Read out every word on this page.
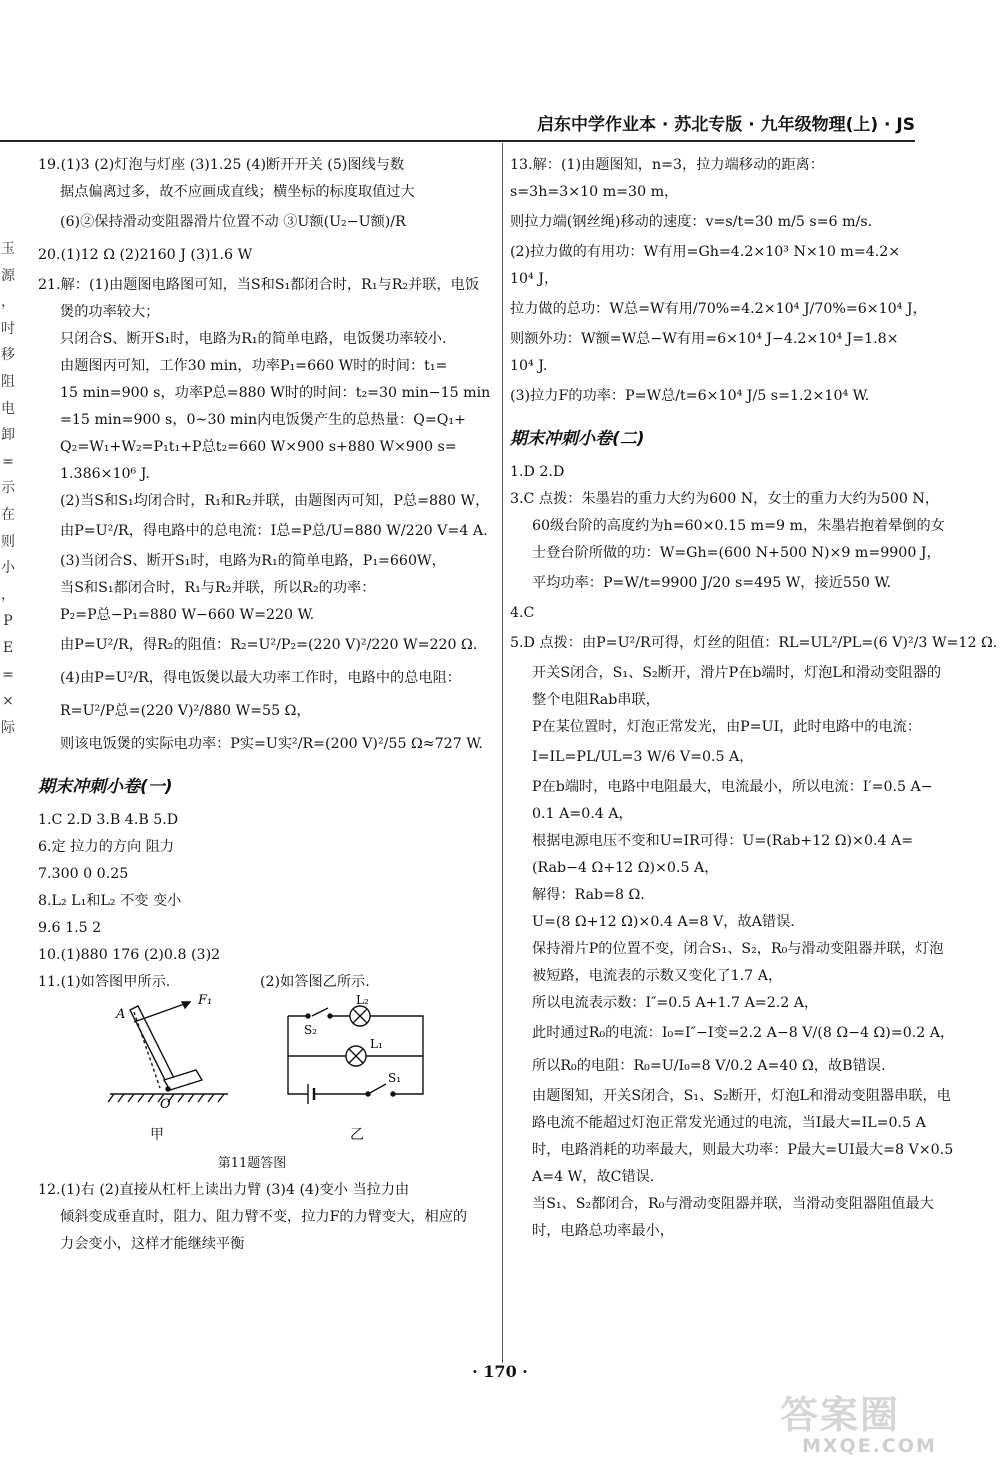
启东中学作业本 · 苏北专版 · 九年级物理(上) · JS
玉
源
，
吋
移
阻
电
卸
=
示
在
则
小
，
P
E
=
×
际
19.(1)3 (2)灯泡与灯座 (3)1.25 (4)断开开关 (5)图线与数
据点偏离过多，故不应画成直线；横坐标的标度取值过大
(6)②保持滑动变阻器滑片位置不动 ③U额(U₂−U额)/R
20.(1)12 Ω (2)2160 J (3)1.6 W
21.解：(1)由题图电路图可知，当S和S₁都闭合时，R₁与R₂并联，电饭
煲的功率较大；
只闭合S、断开S₁时，电路为R₁的简单电路，电饭煲功率较小.
由题图丙可知，工作30 min，功率P₁=660 W时的时间：t₁=
15 min=900 s，功率P总=880 W时的时间：t₂=30 min−15 min
=15 min=900 s，0~30 min内电饭煲产生的总热量：Q=Q₁+
Q₂=W₁+W₂=P₁t₁+P总t₂=660 W×900 s+880 W×900 s=
1.386×10⁶ J.
(2)当S和S₁均闭合时，R₁和R₂并联，由题图丙可知，P总=880 W，
由P=U²/R，得电路中的总电流：I总=P总/U=880 W/220 V=4 A.
(3)当闭合S、断开S₁时，电路为R₁的简单电路，P₁=660W，
当S和S₁都闭合时，R₁与R₂并联，所以R₂的功率：
P₂=P总−P₁=880 W−660 W=220 W.
由P=U²/R，得R₂的阻值：R₂=U²/P₂=(220 V)²/220 W=220 Ω.
(4)由P=U²/R，得电饭煲以最大功率工作时，电路中的总电阻：
R=U²/P总=(220 V)²/880 W=55 Ω，
则该电饭煲的实际电功率：P实=U实²/R=(200 V)²/55 Ω≈727 W.
期末冲刺小卷(一)
1.C 2.D 3.B 4.B 5.D
6.定 拉力的方向 阻力
7.300 0 0.25
8.L₂ L₁和L₂ 不变 变小
9.6 1.5 2
10.(1)880 176 (2)0.8 (3)2
11.(1)如答图甲所示.	(2)如答图乙所示.
F₁
A
O
S₂
L₂
L₁
S₁
甲	乙
第11题答图
12.(1)右 (2)直接从杠杆上读出力臂 (3)4 (4)变小 当拉力由
倾斜变成垂直时，阻力、阻力臂不变，拉力F的力臂变大，相应的
力会变小，这样才能继续平衡
13.解：(1)由题图知，n=3，拉力端移动的距离：
s=3h=3×10 m=30 m，
则拉力端(钢丝绳)移动的速度：v=s/t=30 m/5 s=6 m/s.
(2)拉力做的有用功：W有用=Gh=4.2×10³ N×10 m=4.2×
10⁴ J，
拉力做的总功：W总=W有用/70%=4.2×10⁴ J/70%=6×10⁴ J，
则额外功：W额=W总−W有用=6×10⁴ J−4.2×10⁴ J=1.8×
10⁴ J.
(3)拉力F的功率：P=W总/t=6×10⁴ J/5 s=1.2×10⁴ W.
期末冲刺小卷(二)
1.D 2.D
3.C 点拨：朱墨岩的重力大约为600 N，女士的重力大约为500 N，
60级台阶的高度约为h=60×0.15 m=9 m，朱墨岩抱着晕倒的女
士登台阶所做的功：W=Gh=(600 N+500 N)×9 m=9900 J，
平均功率：P=W/t=9900 J/20 s=495 W，接近550 W.
4.C
5.D 点拨：由P=U²/R可得，灯丝的阻值：RL=UL²/PL=(6 V)²/3 W=12 Ω.
开关S闭合，S₁、S₂断开，滑片P在b端时，灯泡L和滑动变阻器的
整个电阻Rab串联，
P在某位置时，灯泡正常发光，由P=UI，此时电路中的电流：
I=IL=PL/UL=3 W/6 V=0.5 A，
P在b端时，电路中电阻最大，电流最小，所以电流：I′=0.5 A−
0.1 A=0.4 A，
根据电源电压不变和U=IR可得：U=(Rab+12 Ω)×0.4 A=
(Rab−4 Ω+12 Ω)×0.5 A，
解得：Rab=8 Ω.
U=(8 Ω+12 Ω)×0.4 A=8 V，故A错误.
保持滑片P的位置不变，闭合S₁、S₂，R₀与滑动变阻器并联，灯泡
被短路，电流表的示数又变化了1.7 A，
所以电流表示数：I″=0.5 A+1.7 A=2.2 A，
此时通过R₀的电流：I₀=I″−I变=2.2 A−8 V/(8 Ω−4 Ω)=0.2 A，
所以R₀的电阻：R₀=U/I₀=8 V/0.2 A=40 Ω，故B错误.
由题图知，开关S闭合，S₁、S₂断开，灯泡L和滑动变阻器串联，电
路电流不能超过灯泡正常发光通过的电流，当I最大=IL=0.5 A
时，电路消耗的功率最大，则最大功率：P最大=UI最大=8 V×0.5
A=4 W，故C错误.
当S₁、S₂都闭合，R₀与滑动变阻器并联，当滑动变阻器阻值最大
时，电路总功率最小，
· 170 ·
答案圈
MXQE.COM
